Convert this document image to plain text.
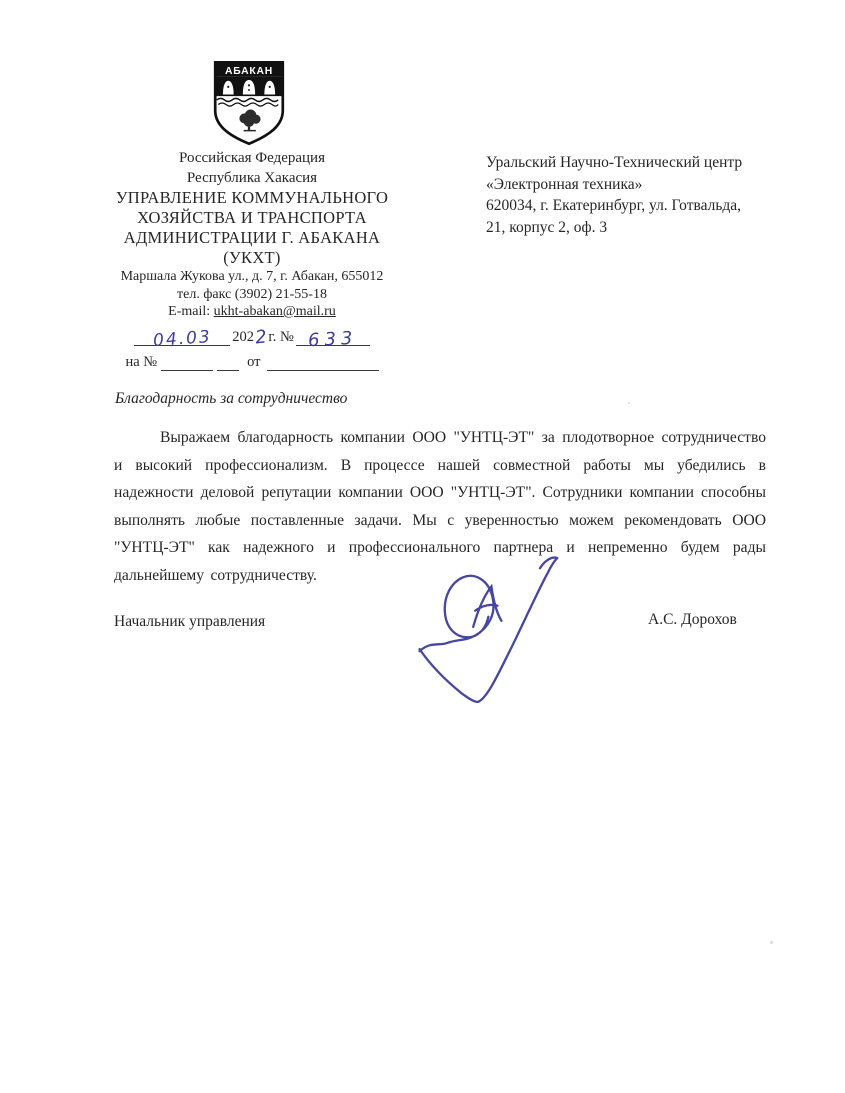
АБАКАН
Российская Федерация
Республика Хакасия
УПРАВЛЕНИЕ КОММУНАЛЬНОГО
ХОЗЯЙСТВА И ТРАНСПОРТА
АДМИНИСТРАЦИИ Г. АБАКАНА
(УКХТ)
Маршала Жукова ул., д. 7, г. Абакан, 655012
тел. факс (3902) 21-55-18
E-mail: ukht-abakan@mail.ru
04.03	202 2 г. № 633
на №	от
Уральский Научно-Технический центр
«Электронная техника»
620034, г. Екатеринбург, ул. Готвальда,
21, корпус 2, оф. 3
Благодарность за сотрудничество
Выражаем благодарность компании ООО "УНТЦ-ЭТ" за плодотворное сотрудничество и высокий профессионализм. В процессе нашей совместной работы мы убедились в надежности деловой репутации компании ООО "УНТЦ-ЭТ". Сотрудники компании способны выполнять любые поставленные задачи. Мы с уверенностью можем рекомендовать ООО "УНТЦ-ЭТ" как надежного и профессионального партнера и непременно будем рады дальнейшему сотрудничеству.
Начальник управления	А.С. Дорохов
